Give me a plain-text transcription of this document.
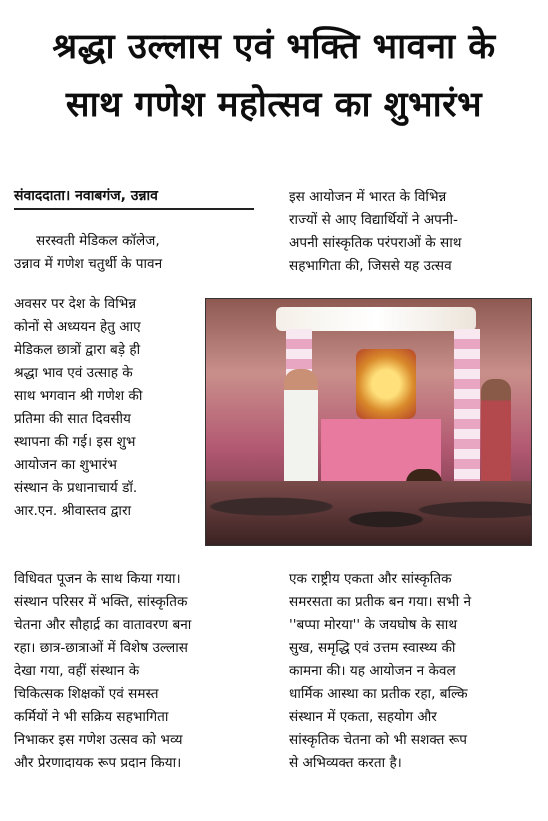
श्रद्धा उल्लास एवं भक्ति भावना के
साथ गणेश महोत्सव का शुभारंभ
संवाददाता। नवाबगंज, उन्नाव
सरस्वती मेडिकल कॉलेज,
उन्नाव में गणेश चतुर्थी के पावन
अवसर पर देश के विभिन्न
कोनों से अध्ययन हेतु आए
मेडिकल छात्रों द्वारा बड़े ही
श्रद्धा भाव एवं उत्साह के
साथ भगवान श्री गणेश की
प्रतिमा की सात दिवसीय
स्थापना की गई। इस शुभ
आयोजन का शुभारंभ
संस्थान के प्रधानाचार्य डॉ.
आर.एन. श्रीवास्तव द्वारा
विधिवत पूजन के साथ किया गया।
संस्थान परिसर में भक्ति, सांस्कृतिक
चेतना और सौहार्द्र का वातावरण बना
रहा। छात्र-छात्राओं में विशेष उल्लास
देखा गया, वहीं संस्थान के
चिकित्सक शिक्षकों एवं समस्त
कर्मियों ने भी सक्रिय सहभागिता
निभाकर इस गणेश उत्सव को भव्य
और प्रेरणादायक रूप प्रदान किया।
इस आयोजन में भारत के विभिन्न
राज्यों से आए विद्यार्थियों ने अपनी-
अपनी सांस्कृतिक परंपराओं के साथ
सहभागिता की, जिससे यह उत्सव
एक राष्ट्रीय एकता और सांस्कृतिक
समरसता का प्रतीक बन गया। सभी ने
''बप्पा मोरया'' के जयघोष के साथ
सुख, समृद्धि एवं उत्तम स्वास्थ्य की
कामना की। यह आयोजन न केवल
धार्मिक आस्था का प्रतीक रहा, बल्कि
संस्थान में एकता, सहयोग और
सांस्कृतिक चेतना को भी सशक्त रूप
से अभिव्यक्त करता है।
